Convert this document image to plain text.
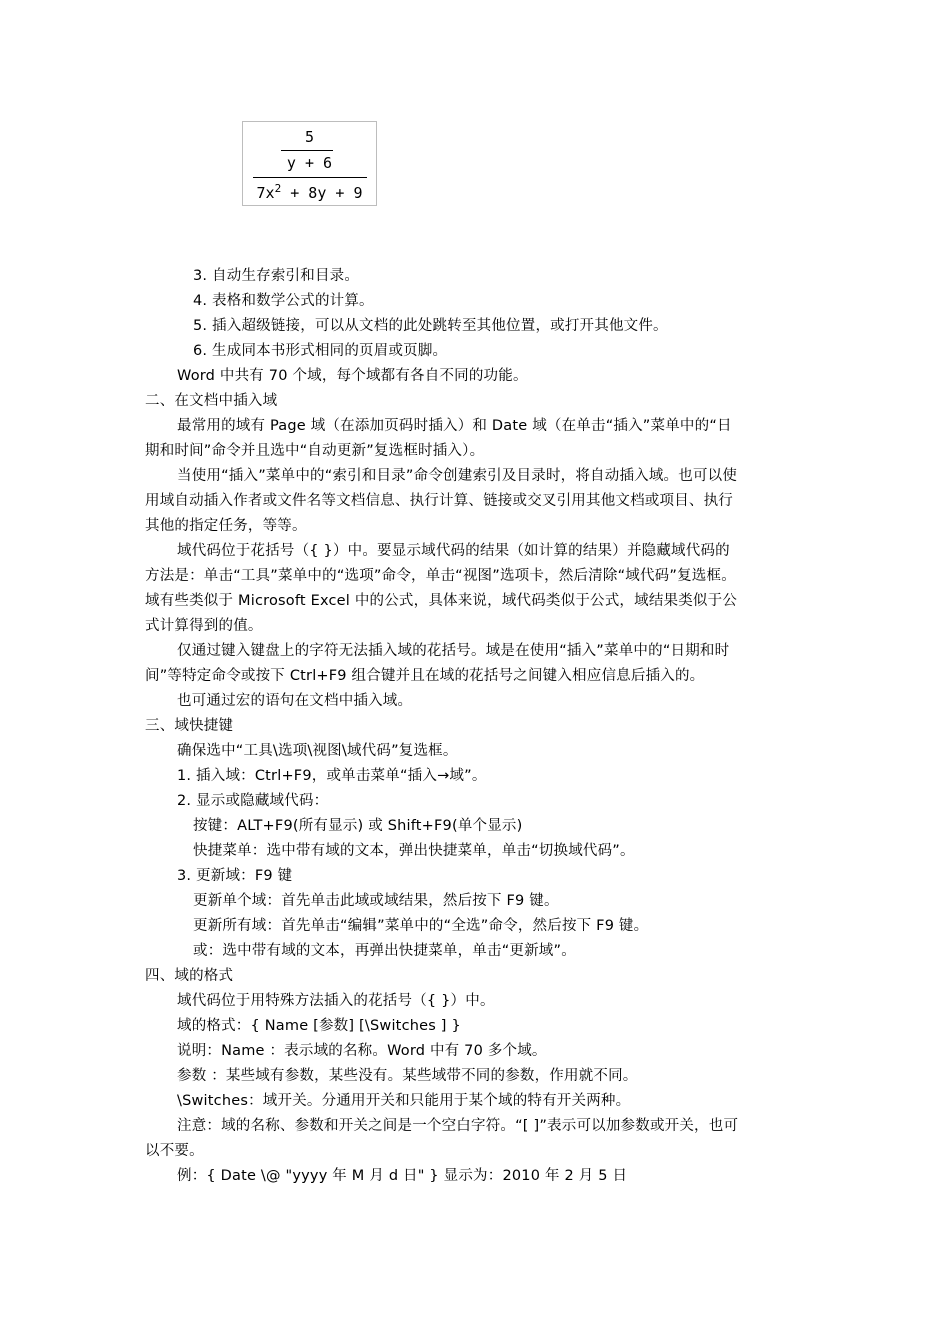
5
y + 6
$7x^2 + 8y + 9$
3. 自动生存索引和目录。
4. 表格和数学公式的计算。
5. 插入超级链接，可以从文档的此处跳转至其他位置，或打开其他文件。
6. 生成同本书形式相同的页眉或页脚。
Word 中共有 70 个域，每个域都有各自不同的功能。
二、在文档中插入域
最常用的域有 Page 域（在添加页码时插入）和 Date 域（在单击“插入”菜单中的“日
期和时间”命令并且选中“自动更新”复选框时插入）。
当使用“插入”菜单中的“索引和目录”命令创建索引及目录时，将自动插入域。也可以使
用域自动插入作者或文件名等文档信息、执行计算、链接或交叉引用其他文档或项目、执行
其他的指定任务，等等。
域代码位于花括号（{ }）中。要显示域代码的结果（如计算的结果）并隐藏域代码的
方法是：单击“工具”菜单中的“选项”命令，单击“视图”选项卡，然后清除“域代码”复选框。
域有些类似于 Microsoft Excel 中的公式，具体来说，域代码类似于公式，域结果类似于公
式计算得到的值。
仅通过键入键盘上的字符无法插入域的花括号。域是在使用“插入”菜单中的“日期和时
间”等特定命令或按下 Ctrl+F9 组合键并且在域的花括号之间键入相应信息后插入的。
也可通过宏的语句在文档中插入域。
三、域快捷键
确保选中“工具\选项\视图\域代码”复选框。
1. 插入域：Ctrl+F9，或单击菜单“插入→域”。
2. 显示或隐藏域代码：
按键：ALT+F9(所有显示) 或 Shift+F9(单个显示)
快捷菜单：选中带有域的文本，弹出快捷菜单，单击“切换域代码”。
3. 更新域：F9 键
更新单个域：首先单击此域或域结果，然后按下 F9 键。
更新所有域：首先单击“编辑”菜单中的“全选”命令，然后按下 F9 键。
或：选中带有域的文本，再弹出快捷菜单，单击“更新域”。
四、域的格式
域代码位于用特殊方法插入的花括号（{ }）中。
域的格式：{ Name [参数] [\Switches ] }
说明：Name ：表示域的名称。Word 中有 70 多个域。
参数 ：某些域有参数，某些没有。某些域带不同的参数，作用就不同。
\Switches：域开关。分通用开关和只能用于某个域的特有开关两种。
注意：域的名称、参数和开关之间是一个空白字符。“[ ]”表示可以加参数或开关，也可
以不要。
例：{ Date \@ "yyyy 年 M 月 d 日" } 显示为：2010 年 2 月 5 日
